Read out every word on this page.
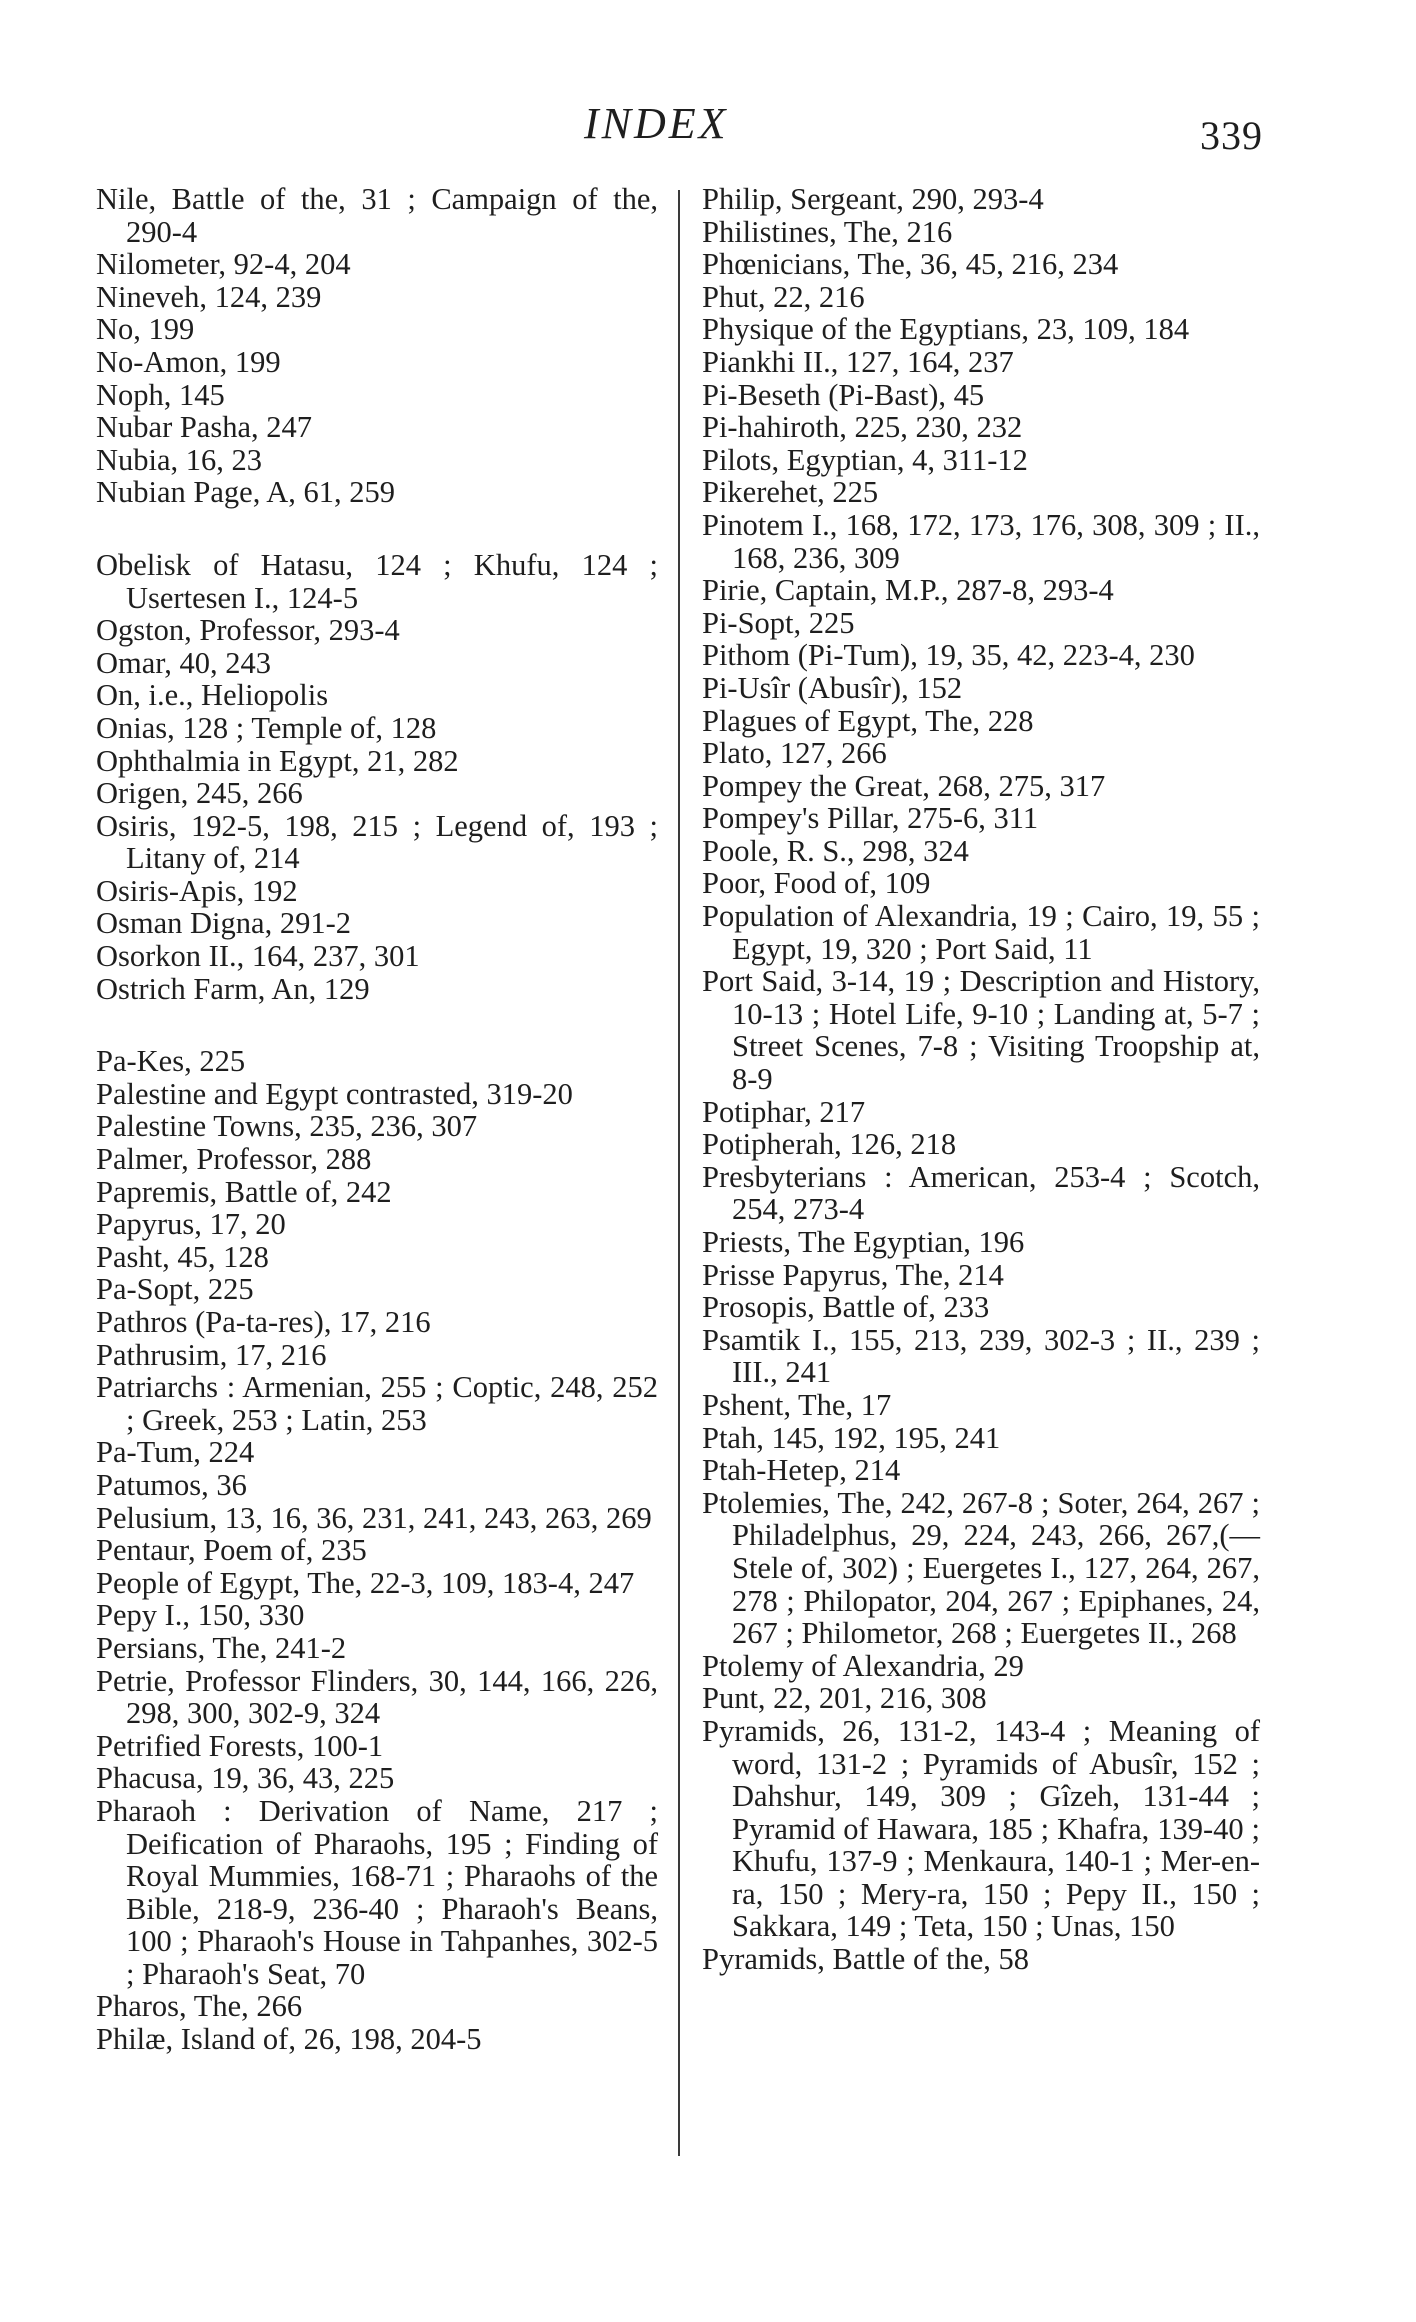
INDEX	339

Nile, Battle of the, 31 ; Campaign of the, 290-4

Nilometer, 92-4, 204

Nineveh, 124, 239

No, 199

No-Amon, 199

Noph, 145

Nubar Pasha, 247

Nubia, 16, 23

Nubian Page, A, 61, 259

Obelisk of Hatasu, 124 ; Khufu, 124 ; Usertesen I., 124-5

Ogston, Professor, 293-4

Omar, 40, 243

On, i.e., Heliopolis

Onias, 128 ; Temple of, 128

Ophthalmia in Egypt, 21, 282

Origen, 245, 266

Osiris, 192-5, 198, 215 ; Legend of, 193 ; Litany of, 214

Osiris-Apis, 192

Osman Digna, 291-2

Osorkon II., 164, 237, 301

Ostrich Farm, An, 129

Pa-Kes, 225

Palestine and Egypt contrasted, 319-20

Palestine Towns, 235, 236, 307

Palmer, Professor, 288

Papremis, Battle of, 242

Papyrus, 17, 20

Pasht, 45, 128

Pa-Sopt, 225

Pathros (Pa-ta-res), 17, 216

Pathrusim, 17, 216

Patriarchs : Armenian, 255 ; Coptic, 248, 252 ; Greek, 253 ; Latin, 253

Pa-Tum, 224

Patumos, 36

Pelusium, 13, 16, 36, 231, 241, 243, 263, 269

Pentaur, Poem of, 235

People of Egypt, The, 22-3, 109, 183-4, 247

Pepy I., 150, 330

Persians, The, 241-2

Petrie, Professor Flinders, 30, 144, 166, 226, 298, 300, 302-9, 324

Petrified Forests, 100-1

Phacusa, 19, 36, 43, 225

Pharaoh : Derivation of Name, 217 ; Deification of Pharaohs, 195 ; Finding of Royal Mummies, 168-71 ; Pharaohs of the Bible, 218-9, 236-40 ; Pharaoh's Beans, 100 ; Pharaoh's House in Tahpanhes, 302-5 ; Pharaoh's Seat, 70

Pharos, The, 266

Philæ, Island of, 26, 198, 204-5

Philip, Sergeant, 290, 293-4

Philistines, The, 216

Phœnicians, The, 36, 45, 216, 234

Phut, 22, 216

Physique of the Egyptians, 23, 109, 184

Piankhi II., 127, 164, 237

Pi-Beseth (Pi-Bast), 45

Pi-hahiroth, 225, 230, 232

Pilots, Egyptian, 4, 311-12

Pikerehet, 225

Pinotem I., 168, 172, 173, 176, 308, 309 ; II., 168, 236, 309

Pirie, Captain, M.P., 287-8, 293-4

Pi-Sopt, 225

Pithom (Pi-Tum), 19, 35, 42, 223-4, 230

Pi-Usîr (Abusîr), 152

Plagues of Egypt, The, 228

Plato, 127, 266

Pompey the Great, 268, 275, 317

Pompey's Pillar, 275-6, 311

Poole, R. S., 298, 324

Poor, Food of, 109

Population of Alexandria, 19 ; Cairo, 19, 55 ; Egypt, 19, 320 ; Port Said, 11

Port Said, 3-14, 19 ; Description and History, 10-13 ; Hotel Life, 9-10 ; Landing at, 5-7 ; Street Scenes, 7-8 ; Visiting Troopship at, 8-9

Potiphar, 217

Potipherah, 126, 218

Presbyterians : American, 253-4 ; Scotch, 254, 273-4

Priests, The Egyptian, 196

Prisse Papyrus, The, 214

Prosopis, Battle of, 233

Psamtik I., 155, 213, 239, 302-3 ; II., 239 ; III., 241

Pshent, The, 17

Ptah, 145, 192, 195, 241

Ptah-Hetep, 214

Ptolemies, The, 242, 267-8 ; Soter, 264, 267 ; Philadelphus, 29, 224, 243, 266, 267,(—Stele of, 302) ; Euergetes I., 127, 264, 267, 278 ; Philopator, 204, 267 ; Epiphanes, 24, 267 ; Philometor, 268 ; Euergetes II., 268

Ptolemy of Alexandria, 29

Punt, 22, 201, 216, 308

Pyramids, 26, 131-2, 143-4 ; Meaning of word, 131-2 ; Pyramids of Abusîr, 152 ; Dahshur, 149, 309 ; Gîzeh, 131-44 ; Pyramid of Hawara, 185 ; Khafra, 139-40 ; Khufu, 137-9 ; Menkaura, 140-1 ; Mer-en-ra, 150 ; Mery-ra, 150 ; Pepy II., 150 ; Sakkara, 149 ; Teta, 150 ; Unas, 150

Pyramids, Battle of the, 58
